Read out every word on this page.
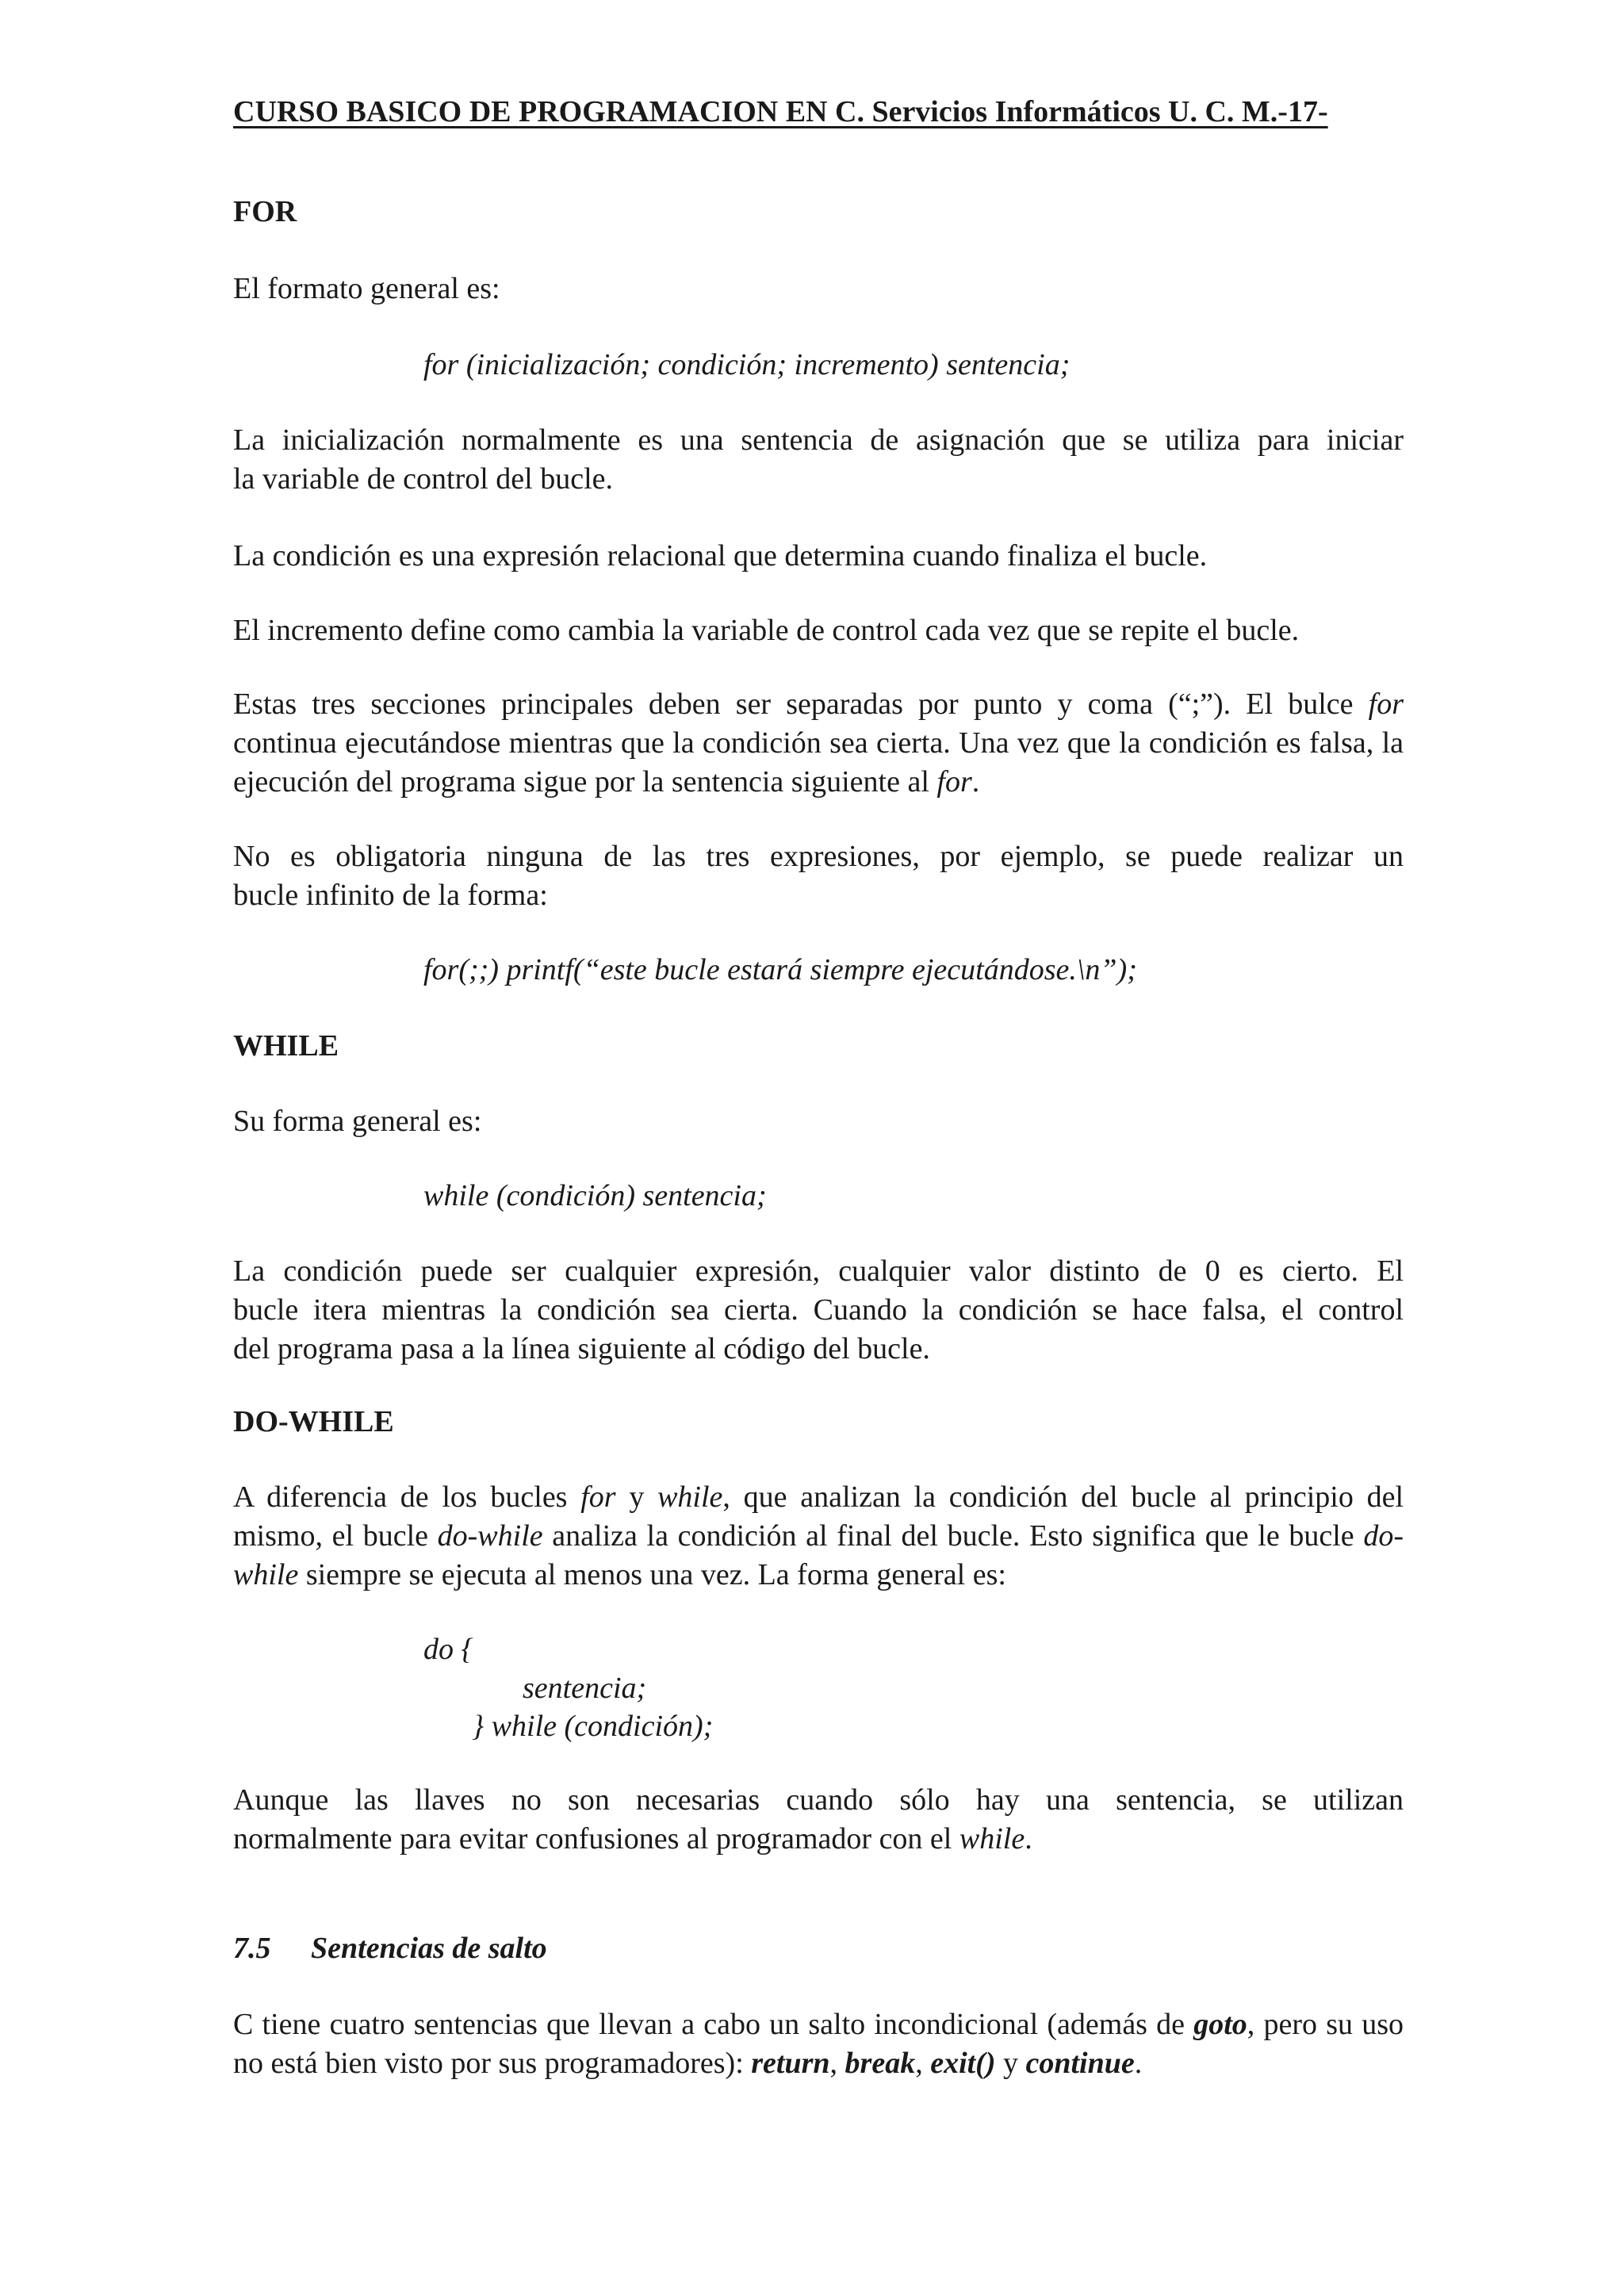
CURSO BASICO DE PROGRAMACION EN C. Servicios Informáticos U. C. M.-17-

FOR

El formato general es:

for (inicialización; condición; incremento) sentencia;

La inicialización normalmente es una sentencia de asignación que se utiliza para iniciar
la variable de control del bucle.

La condición es una expresión relacional que determina cuando finaliza el bucle.

El incremento define como cambia la variable de control cada vez que se repite el bucle.

Estas tres secciones principales deben ser separadas por punto y coma (“;”). El bulce for continua ejecutándose mientras que la condición sea cierta. Una vez que la condición es falsa, la ejecución del programa sigue por la sentencia siguiente al for.

No es obligatoria ninguna de las tres expresiones, por ejemplo, se puede realizar un
bucle infinito de la forma:

for(;;) printf(“este bucle estará siempre ejecutándose.\n”);

WHILE

Su forma general es:

while (condición) sentencia;

La condición puede ser cualquier expresión, cualquier valor distinto de 0 es cierto. El
bucle itera mientras la condición sea cierta. Cuando la condición se hace falsa, el control
del programa pasa a la línea siguiente al código del bucle.

DO-WHILE

A diferencia de los bucles for y while, que analizan la condición del bucle al principio del mismo, el bucle do-while analiza la condición al final del bucle. Esto significa que le bucle do-while siempre se ejecuta al menos una vez. La forma general es:

do {

sentencia;

} while (condición);

Aunque las llaves no son necesarias cuando sólo hay una sentencia, se utilizan
normalmente para evitar confusiones al programador con el while.
7.5 Sentencias de salto

C tiene cuatro sentencias que llevan a cabo un salto incondicional (además de goto, pero su uso no está bien visto por sus programadores): return, break, exit() y continue.
